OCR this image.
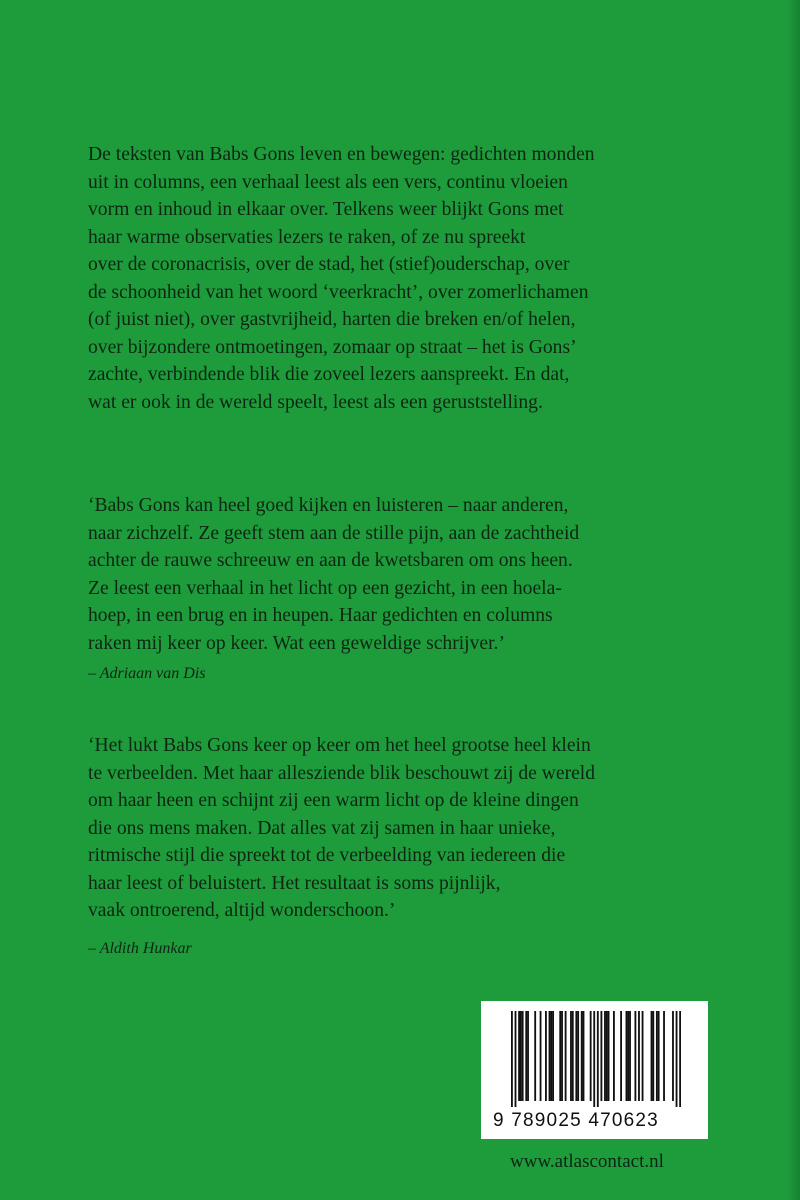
De teksten van Babs Gons leven en bewegen: gedichten monden
uit in columns, een verhaal leest als een vers, continu vloeien
vorm en inhoud in elkaar over. Telkens weer blijkt Gons met
haar warme observaties lezers te raken, of ze nu spreekt
over de coronacrisis, over de stad, het (stief)ouderschap, over
de schoonheid van het woord ‘veerkracht’, over zomerlichamen
(of juist niet), over gastvrijheid, harten die breken en/of helen,
over bijzondere ontmoetingen, zomaar op straat – het is Gons’
zachte, verbindende blik die zoveel lezers aanspreekt. En dat,
wat er ook in de wereld speelt, leest als een geruststelling.

‘Babs Gons kan heel goed kijken en luisteren – naar anderen,
naar zichzelf. Ze geeft stem aan de stille pijn, aan de zachtheid
achter de rauwe schreeuw en aan de kwetsbaren om ons heen.
Ze leest een verhaal in het licht op een gezicht, in een hoela-
hoep, in een brug en in heupen. Haar gedichten en columns
raken mij keer op keer. Wat een geweldige schrijver.’

– Adriaan van Dis

‘Het lukt Babs Gons keer op keer om het heel grootse heel klein
te verbeelden. Met haar allesziende blik beschouwt zij de wereld
om haar heen en schijnt zij een warm licht op de kleine dingen
die ons mens maken. Dat alles vat zij samen in haar unieke,
ritmische stijl die spreekt tot de verbeelding van iedereen die
haar leest of beluistert. Het resultaat is soms pijnlijk,
vaak ontroerend, altijd wonderschoon.’

– Aldith Hunkar
9 789025 470623
www.atlascontact.nl
